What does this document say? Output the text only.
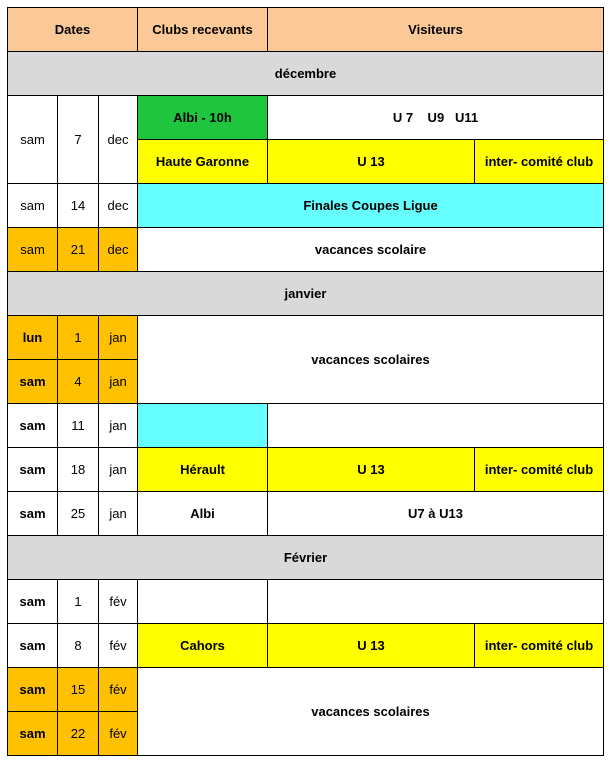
Dates			Clubs recevants	Visiteurs	
décembre					
sam	7	dec	Albi - 10h	U 7    U9   U11	
			Haute Garonne	U 13	inter- comité club
sam	14	dec	Finales Coupes Ligue		
sam	21	dec	vacances scolaire		
janvier					
lun	1	jan	vacances scolaires		
sam	4	jan			
sam	11	jan			
sam	18	jan	Hérault	U 13	inter- comité club
sam	25	jan	Albi	U7 à U13	
Février					
sam	1	fév			
sam	8	fév	Cahors	U 13	inter- comité club
sam	15	fév	vacances scolaires		
sam	22	fév			
